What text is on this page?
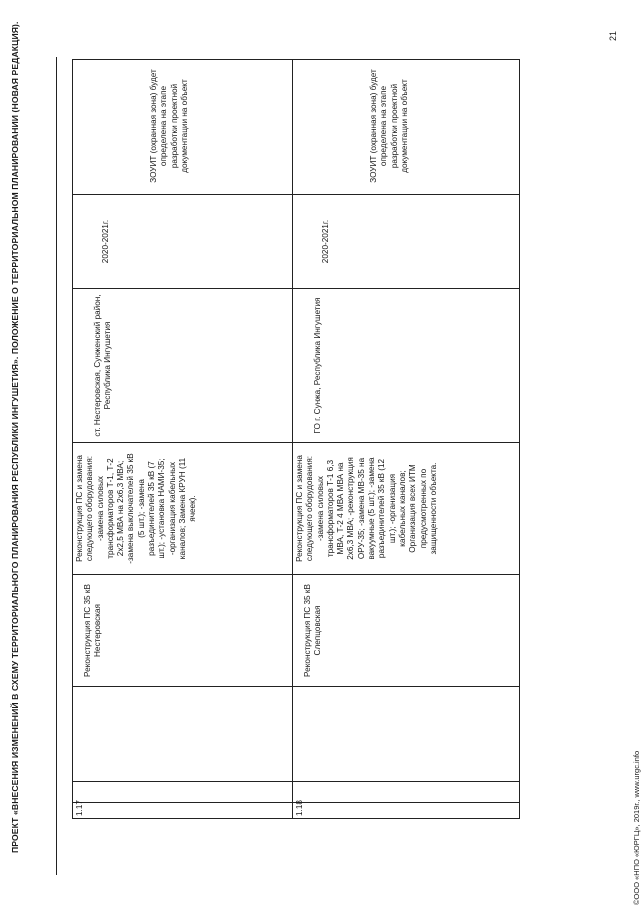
ПРОЕКТ «ВНЕСЕНИЯ ИЗМЕНЕНИЙ В СХЕМУ ТЕРРИТОРИАЛЬНОГО ПЛАНИРОВАНИЯ РЕСПУБЛИКИ ИНГУШЕТИЯ». ПОЛОЖЕНИЕ О ТЕРРИТОРИАЛЬНОМ ПЛАНИРОВАНИИ (НОВАЯ РЕДАКЦИЯ).	1.17
Реконструкция ПС 35 кВ Нестеровская
Реконструкция ПС и замена следующего оборудования: -замена силовых трансформаторов Т-1, Т-2 2х2,5 МВА на 2х6,3 МВА; -замена выключателей 35 кВ (5 шт.); -замена разъединителей 35 кВ (7 шт.); -установка НАМИ-35; -организация кабельных каналов; Замена КРУН (11 ячеек).
ст. Нестеровская, Сунженский район, Республика Ингушетия
2020-2021г.
ЗОУИТ (охранная зона) будет определена на этапе разработки проектной документации на объект
1.18
Реконструкция ПС 35 кВ Слепцовская
Реконструкция ПС и замена следующего оборудования: -замена силовых трансформаторов Т-1 6,3 МВА, Т-2 4 МВА МВА на 2х6,3 МВА; -реконструкция ОРУ-35; -замена МВ-35 на вакуумные (5 шт.); -замена разъединителей 35 кВ (12 шт.); -организация кабельных каналов; Организация всех ИТМ предусмотренных по защищенности объекта.
ГО г. Сунжа, Республика Ингушетия
2020-2021г.
ЗОУИТ (охранная зона) будет определена на этапе разработки проектной документации на объект
21
©ООО «НПО «ЮРГЦ», 2019г., www.urgc.info
